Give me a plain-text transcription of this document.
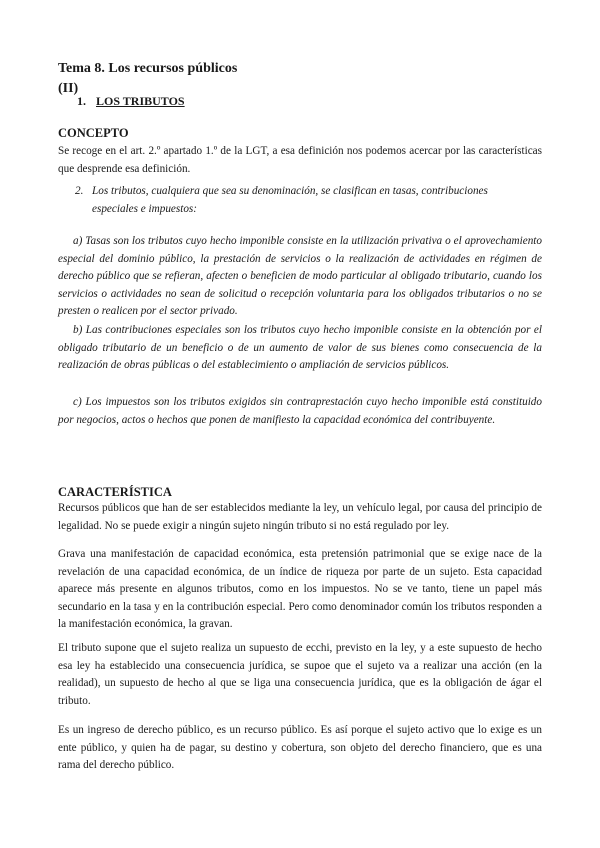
Tema 8. Los recursos públicos (II)
1. LOS TRIBUTOS
CONCEPTO

Se recoge en el art. 2.º apartado 1.º de la LGT, a esa definición nos podemos acercar por las características que desprende esa definición.

2. Los tributos, cualquiera que sea su denominación, se clasifican en tasas, contribuciones
especiales e impuestos:

a) Tasas son los tributos cuyo hecho imponible consiste en la utilización privativa o el aprovechamiento especial del dominio público, la prestación de servicios o la realización de actividades en régimen de derecho público que se refieran, afecten o beneficien de modo particular al obligado tributario, cuando los servicios o actividades no sean de solicitud o recepción voluntaria para los obligados tributarios o no se presten o realicen por el sector privado.

b) Las contribuciones especiales son los tributos cuyo hecho imponible consiste en la obtención por el obligado tributario de un beneficio o de un aumento de valor de sus bienes como consecuencia de la realización de obras públicas o del establecimiento o ampliación de servicios públicos.

c) Los impuestos son los tributos exigidos sin contraprestación cuyo hecho imponible está constituido por negocios, actos o hechos que ponen de manifiesto la capacidad económica del contribuyente.

CARACTERÍSTICA

Recursos públicos que han de ser establecidos mediante la ley, un vehículo legal, por causa del principio de legalidad. No se puede exigir a ningún sujeto ningún tributo si no está regulado por ley.

Grava una manifestación de capacidad económica, esta pretensión patrimonial que se exige nace de la revelación de una capacidad económica, de un índice de riqueza por parte de un sujeto. Esta capacidad aparece más presente en algunos tributos, como en los impuestos. No se ve tanto, tiene un papel más secundario en la tasa y en la contribución especial. Pero como denominador común los tributos responden a la manifestación económica, la gravan.

El tributo supone que el sujeto realiza un supuesto de ecchi, previsto en la ley, y a este supuesto de hecho esa ley ha establecido una consecuencia jurídica, se supoe que el sujeto va a realizar una acción (en la realidad), un supuesto de hecho al que se liga una consecuencia jurídica, que es la obligación de ágar el tributo.

Es un ingreso de derecho público, es un recurso público. Es así porque el sujeto activo que lo exige es un ente público, y quien ha de pagar, su destino y cobertura, son objeto del derecho financiero, que es una rama del derecho público.
